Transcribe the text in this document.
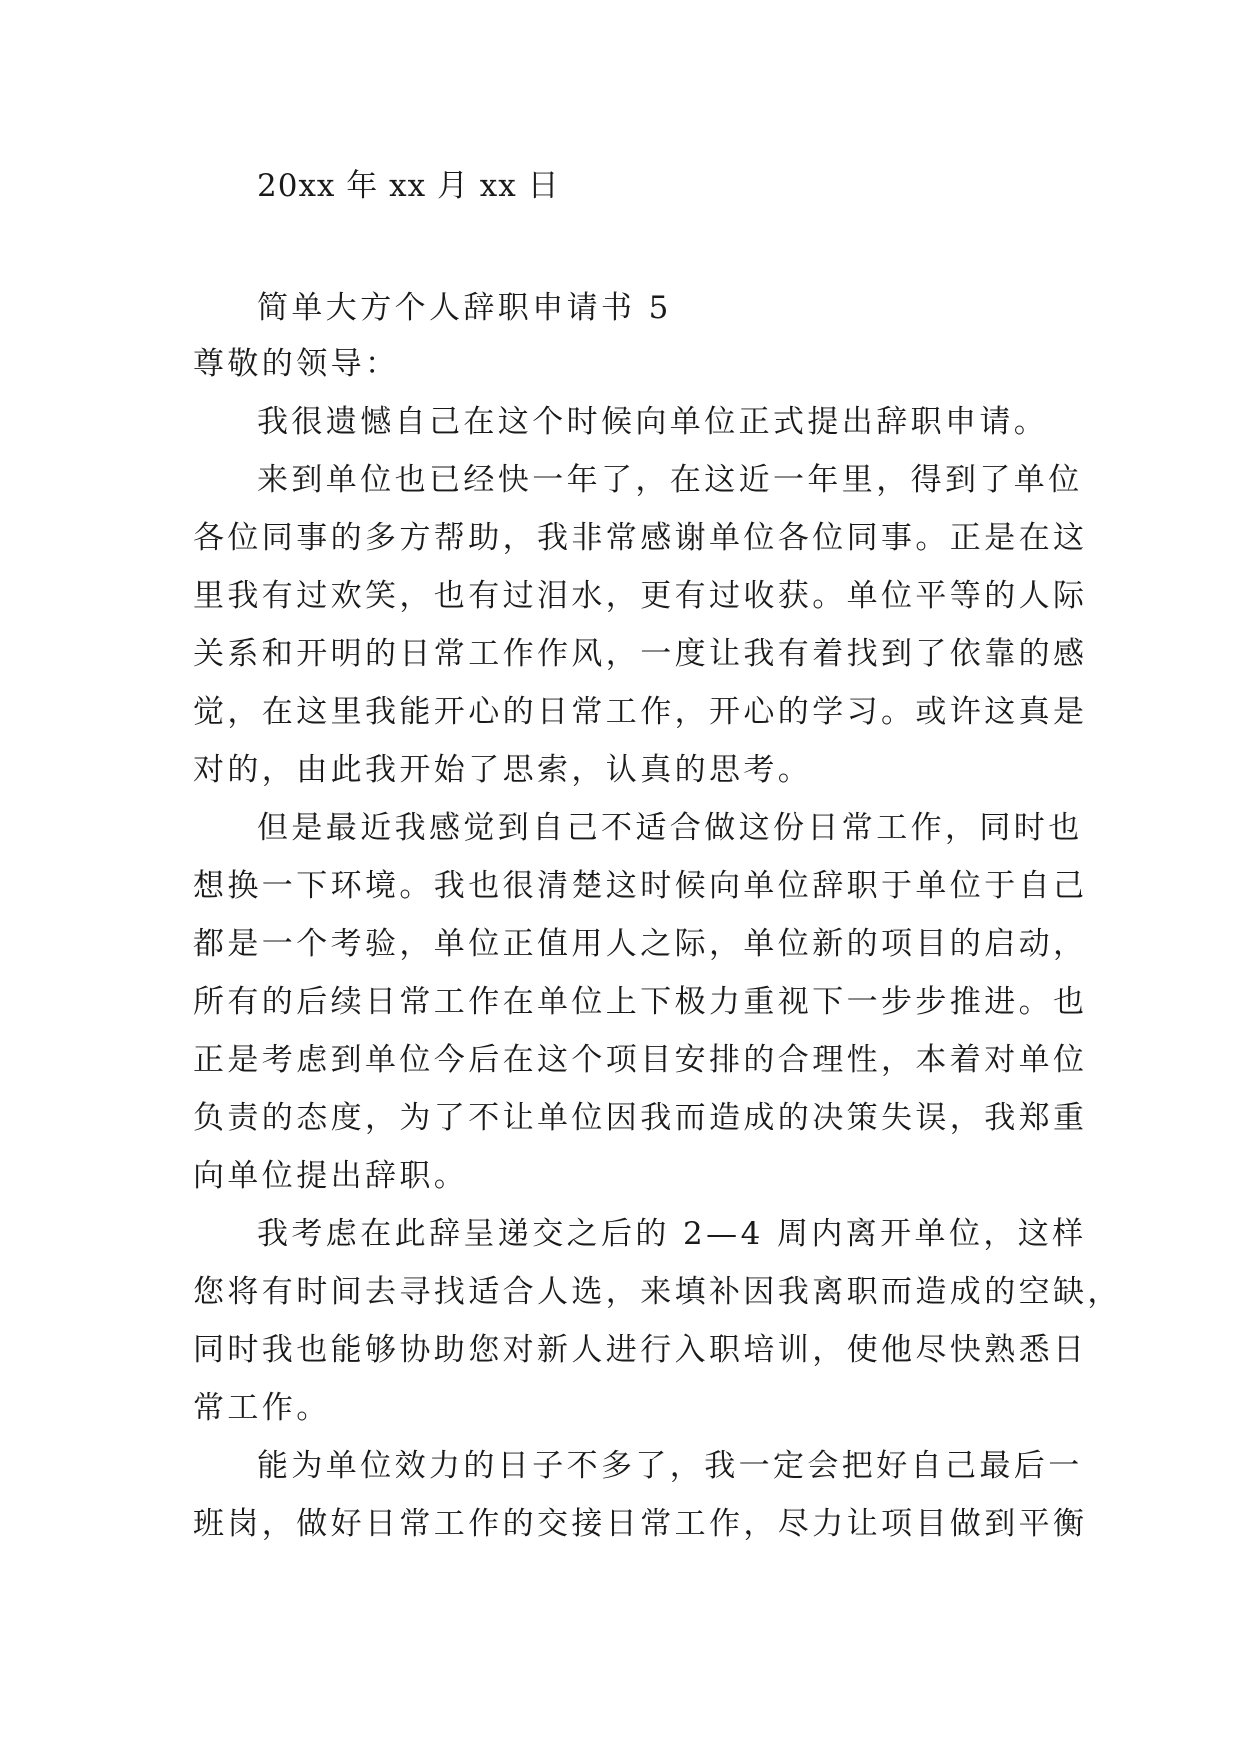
20xx 年 xx 月 xx 日
简单大方个人辞职申请书 5
尊敬的领导：
我很遗憾自己在这个时候向单位正式提出辞职申请。
来到单位也已经快一年了，在这近一年里，得到了单位
各位同事的多方帮助，我非常感谢单位各位同事。正是在这
里我有过欢笑，也有过泪水，更有过收获。单位平等的人际
关系和开明的日常工作作风，一度让我有着找到了依靠的感
觉，在这里我能开心的日常工作，开心的学习。或许这真是
对的，由此我开始了思索，认真的思考。
但是最近我感觉到自己不适合做这份日常工作，同时也
想换一下环境。我也很清楚这时候向单位辞职于单位于自己
都是一个考验，单位正值用人之际，单位新的项目的启动，
所有的后续日常工作在单位上下极力重视下一步步推进。也
正是考虑到单位今后在这个项目安排的合理性，本着对单位
负责的态度，为了不让单位因我而造成的决策失误，我郑重
向单位提出辞职。
我考虑在此辞呈递交之后的 2—4 周内离开单位，这样
您将有时间去寻找适合人选，来填补因我离职而造成的空缺，
同时我也能够协助您对新人进行入职培训，使他尽快熟悉日
常工作。
能为单位效力的日子不多了，我一定会把好自己最后一
班岗，做好日常工作的交接日常工作，尽力让项目做到平衡
